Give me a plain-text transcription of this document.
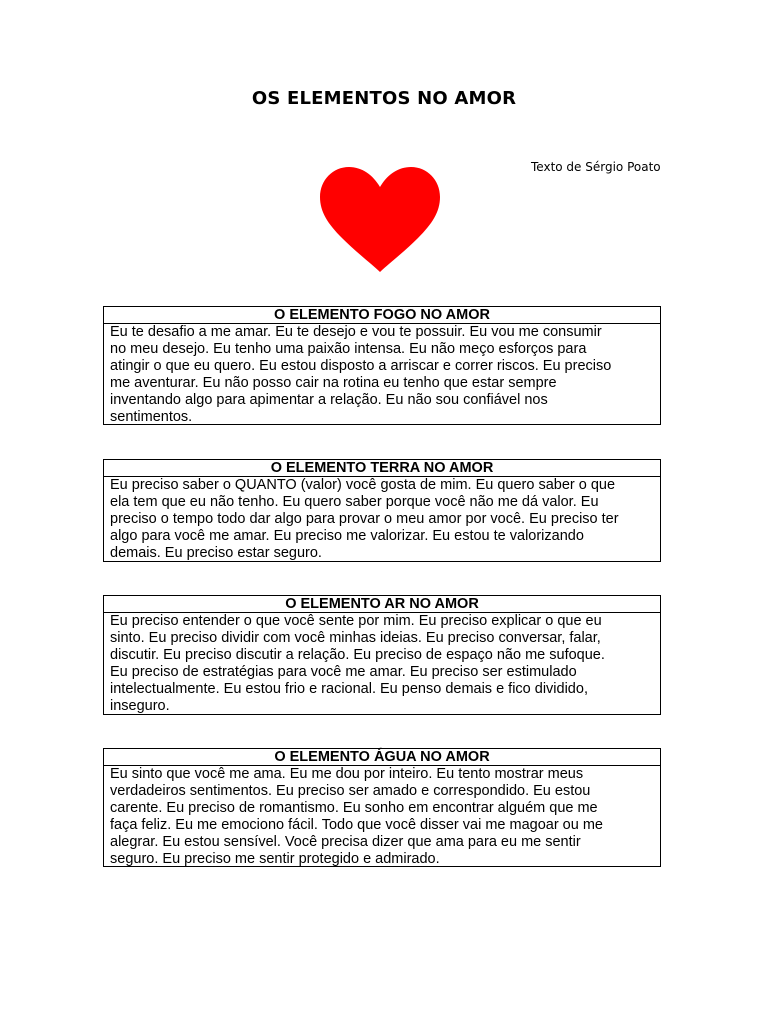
OS ELEMENTOS NO AMOR
Texto de Sérgio Poato
O ELEMENTO FOGO NO AMOR
Eu te desafio a me amar. Eu te desejo e vou te possuir. Eu vou me consumir
no meu desejo. Eu tenho uma paixão intensa. Eu não meço esforços para
atingir o que eu quero. Eu estou disposto a arriscar e correr riscos. Eu preciso
me aventurar. Eu não posso cair na rotina eu tenho que estar sempre
inventando algo para apimentar a relação. Eu não sou confiável nos
sentimentos.
O ELEMENTO TERRA NO AMOR
Eu preciso saber o QUANTO (valor) você gosta de mim. Eu quero saber o que
ela tem que eu não tenho. Eu quero saber porque você não me dá valor. Eu
preciso o tempo todo dar algo para provar o meu amor por você. Eu preciso ter
algo para você me amar. Eu preciso me valorizar. Eu estou te valorizando
demais. Eu preciso estar seguro.
O ELEMENTO AR NO AMOR
Eu preciso entender o que você sente por mim. Eu preciso explicar o que eu
sinto. Eu preciso dividir com você minhas ideias. Eu preciso conversar, falar,
discutir. Eu preciso discutir a relação. Eu preciso de espaço não me sufoque.
Eu preciso de estratégias para você me amar. Eu preciso ser estimulado
intelectualmente. Eu estou frio e racional. Eu penso demais e fico dividido,
inseguro.
O ELEMENTO ÁGUA NO AMOR
Eu sinto que você me ama. Eu me dou por inteiro. Eu tento mostrar meus
verdadeiros sentimentos. Eu preciso ser amado e correspondido. Eu estou
carente. Eu preciso de romantismo. Eu sonho em encontrar alguém que me
faça feliz. Eu me emociono fácil. Todo que você disser vai me magoar ou me
alegrar. Eu estou sensível. Você precisa dizer que ama para eu me sentir
seguro. Eu preciso me sentir protegido e admirado.
